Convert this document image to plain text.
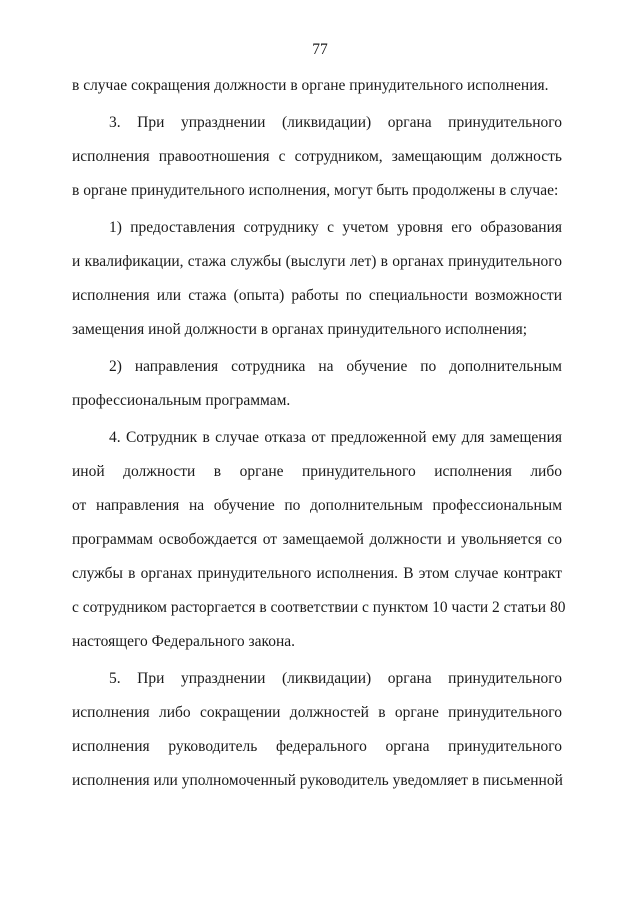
77
в случае сокращения должности в органе принудительного исполнения.
3. При упразднении (ликвидации) органа принудительного
исполнения правоотношения с сотрудником, замещающим должность
в органе принудительного исполнения, могут быть продолжены в случае:
1) предоставления сотруднику с учетом уровня его образования
и квалификации, стажа службы (выслуги лет) в органах принудительного
исполнения или стажа (опыта) работы по специальности возможности
замещения иной должности в органах принудительного исполнения;
2) направления сотрудника на обучение по дополнительным
профессиональным программам.
4. Сотрудник в случае отказа от предложенной ему для замещения
иной должности в органе принудительного исполнения либо
от направления на обучение по дополнительным профессиональным
программам освобождается от замещаемой должности и увольняется со
службы в органах принудительного исполнения. В этом случае контракт
с сотрудником расторгается в соответствии с пунктом 10 части 2 статьи 80
настоящего Федерального закона.
5. При упразднении (ликвидации) органа принудительного
исполнения либо сокращении должностей в органе принудительного
исполнения руководитель федерального органа принудительного
исполнения или уполномоченный руководитель уведомляет в письменной
